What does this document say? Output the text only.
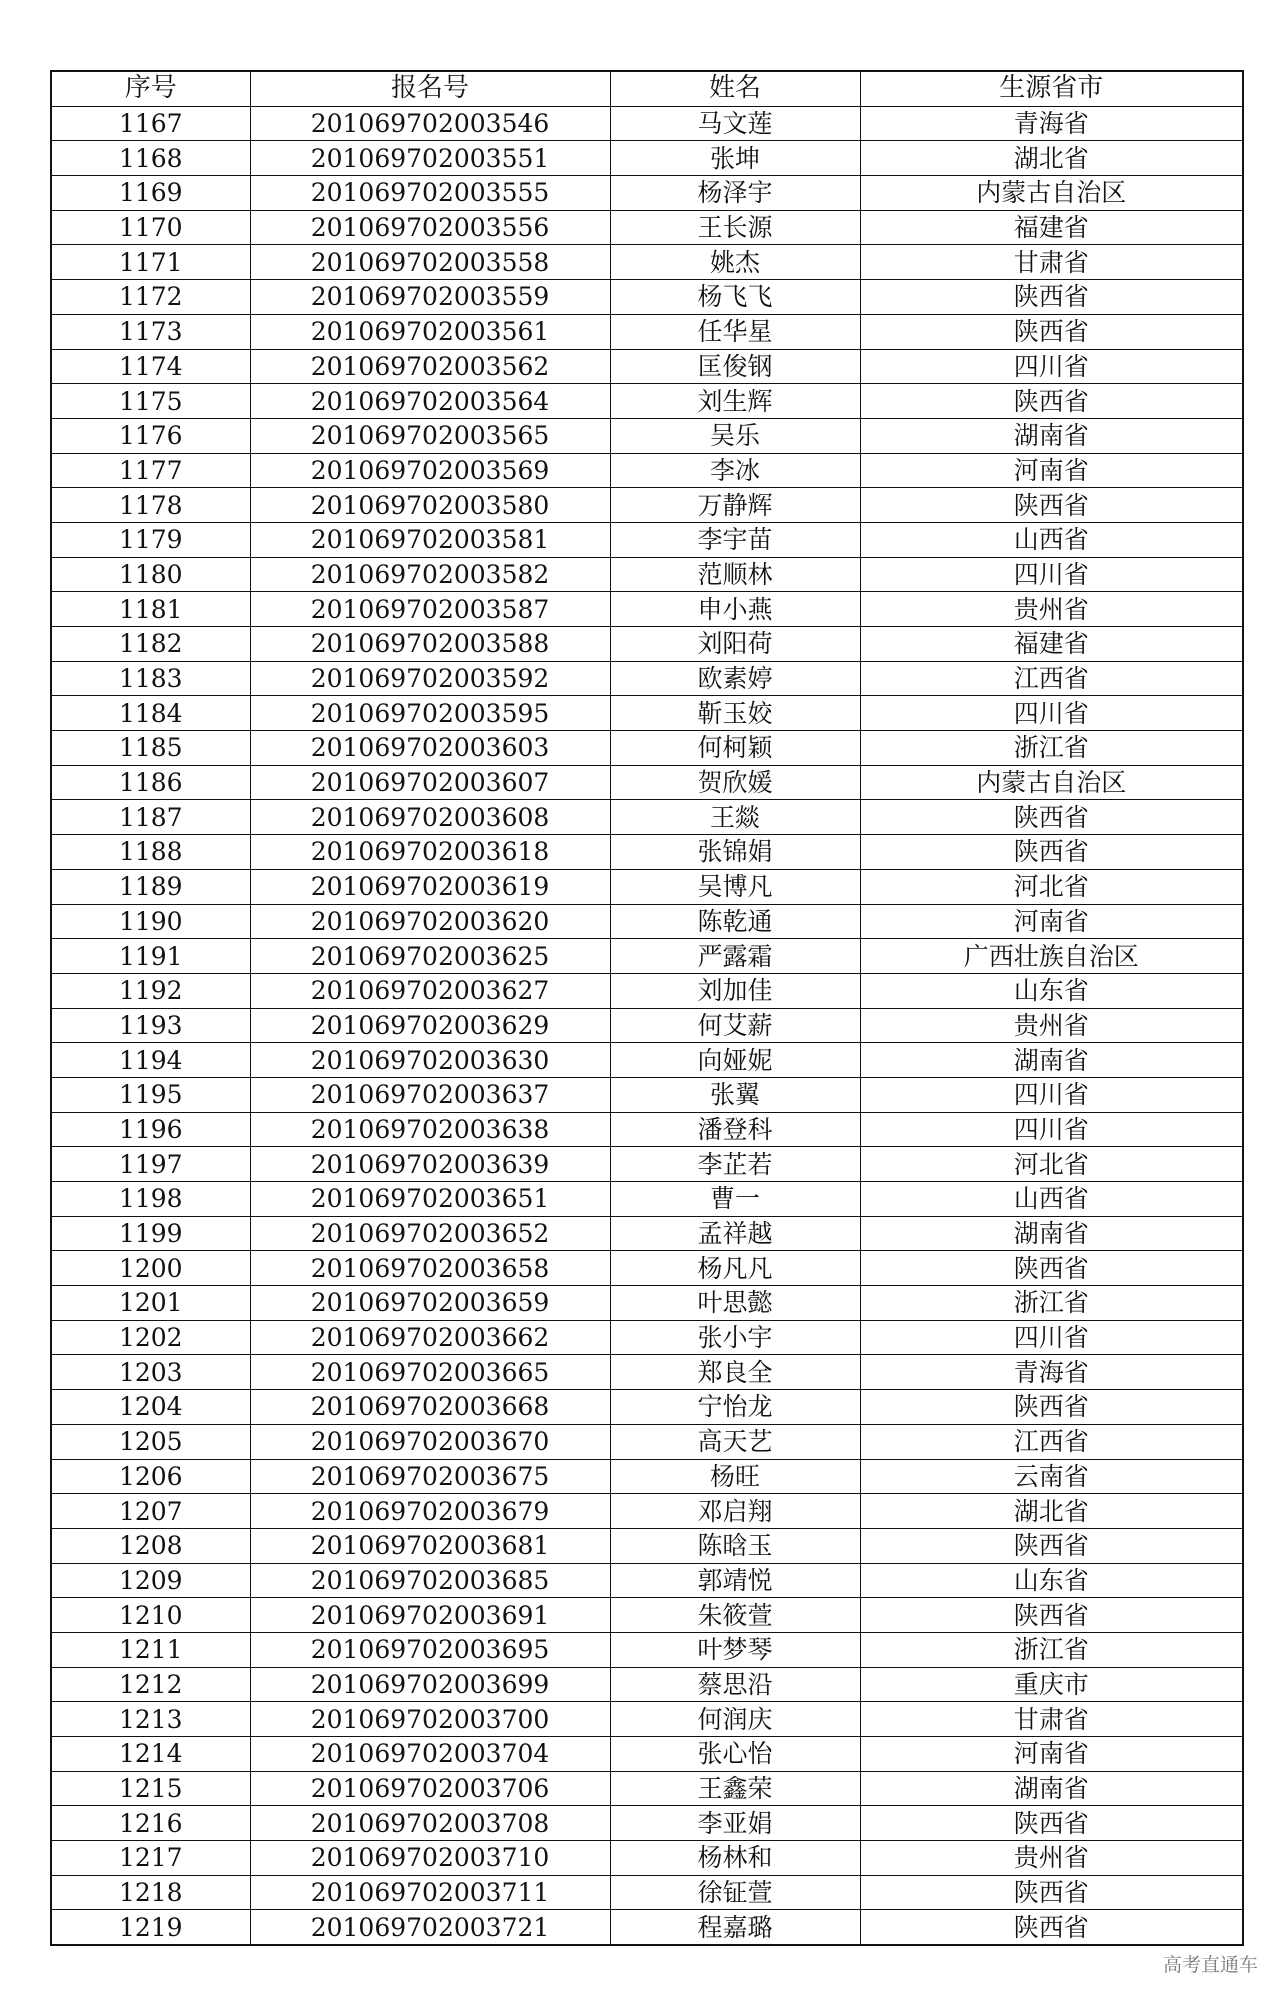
序号	报名号	姓名	生源省市
1167	201069702003546	马文莲	青海省
1168	201069702003551	张坤	湖北省
1169	201069702003555	杨泽宇	内蒙古自治区
1170	201069702003556	王长源	福建省
1171	201069702003558	姚杰	甘肃省
1172	201069702003559	杨飞飞	陕西省
1173	201069702003561	任华星	陕西省
1174	201069702003562	匡俊钢	四川省
1175	201069702003564	刘生辉	陕西省
1176	201069702003565	吴乐	湖南省
1177	201069702003569	李冰	河南省
1178	201069702003580	万静辉	陕西省
1179	201069702003581	李宇苗	山西省
1180	201069702003582	范顺林	四川省
1181	201069702003587	申小燕	贵州省
1182	201069702003588	刘阳荷	福建省
1183	201069702003592	欧素婷	江西省
1184	201069702003595	靳玉姣	四川省
1185	201069702003603	何柯颖	浙江省
1186	201069702003607	贺欣媛	内蒙古自治区
1187	201069702003608	王燚	陕西省
1188	201069702003618	张锦娟	陕西省
1189	201069702003619	吴博凡	河北省
1190	201069702003620	陈乾通	河南省
1191	201069702003625	严露霜	广西壮族自治区
1192	201069702003627	刘加佳	山东省
1193	201069702003629	何艾薪	贵州省
1194	201069702003630	向娅妮	湖南省
1195	201069702003637	张翼	四川省
1196	201069702003638	潘登科	四川省
1197	201069702003639	李芷若	河北省
1198	201069702003651	曹一	山西省
1199	201069702003652	孟祥越	湖南省
1200	201069702003658	杨凡凡	陕西省
1201	201069702003659	叶思懿	浙江省
1202	201069702003662	张小宇	四川省
1203	201069702003665	郑良全	青海省
1204	201069702003668	宁怡龙	陕西省
1205	201069702003670	高天艺	江西省
1206	201069702003675	杨旺	云南省
1207	201069702003679	邓启翔	湖北省
1208	201069702003681	陈晗玉	陕西省
1209	201069702003685	郭靖悦	山东省
1210	201069702003691	朱筱萱	陕西省
1211	201069702003695	叶梦琴	浙江省
1212	201069702003699	蔡思沿	重庆市
1213	201069702003700	何润庆	甘肃省
1214	201069702003704	张心怡	河南省
1215	201069702003706	王鑫荣	湖南省
1216	201069702003708	李亚娟	陕西省
1217	201069702003710	杨林和	贵州省
1218	201069702003711	徐钲萱	陕西省
1219	201069702003721	程嘉璐	陕西省
高考直通车
